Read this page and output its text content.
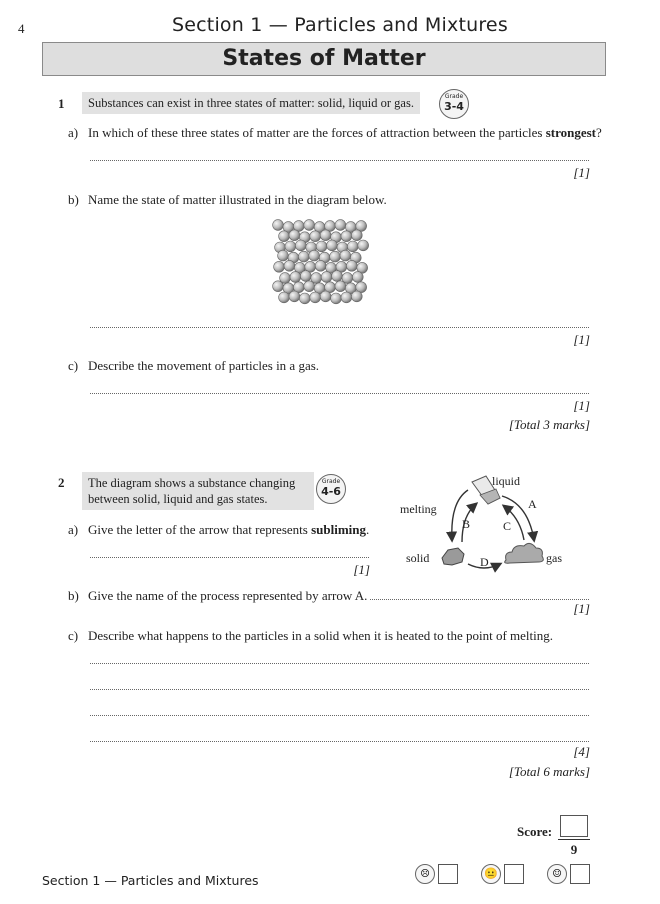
4	Section 1 — Particles and Mixtures
States of Matter
1	Substances can exist in three states of matter: solid, liquid or gas.	Grade
3-4
a) In which of these three states of matter are the forces of attraction between the particles strongest?
[1]
b) Name the state of matter illustrated in the diagram below.
[1]
c) Describe the movement of particles in a gas.
[1]
[Total 3 marks]
2 The diagram shows a substance changing
between solid, liquid and gas states.
Grade
4-6
liquid
melting
solid	gas
A
B	C
D
a) Give the letter of the arrow that represents subliming.
[1]
b) Give the name of the process represented by arrow A.
[1]
c) Describe what happens to the particles in a solid when it is heated to the point of melting.
[4]
[Total 6 marks]
Score:
9
Section 1 — Particles and Mixtures	☹	😐	☺
